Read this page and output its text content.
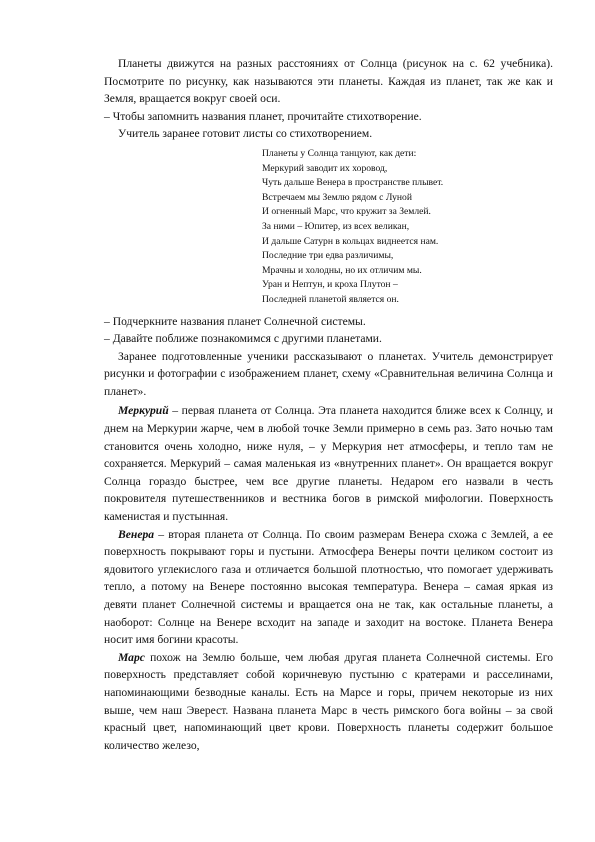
Планеты движутся на разных расстояниях от Солнца (рисунок на с. 62 учебника). Посмотрите по рисунку, как называются эти планеты. Каждая из планет, так же как и Земля, вращается вокруг своей оси.

– Чтобы запомнить названия планет, прочитайте стихотворение.

Учитель заранее готовит листы со стихотворением.

Планеты у Солнца танцуют, как дети:
Меркурий заводит их хоровод,
Чуть дальше Венера в пространстве плывет.
Встречаем мы Землю рядом с Луной
И огненный Марс, что кружит за Землей.
За ними – Юпитер, из всех великан,
И дальше Сатурн в кольцах виднеется нам.
Последние три едва различимы,
Мрачны и холодны, но их отличим мы.
Уран и Нептун, и кроха Плутон –
Последней планетой является он.

– Подчеркните названия планет Солнечной системы.

– Давайте поближе познакомимся с другими планетами.

Заранее подготовленные ученики рассказывают о планетах. Учитель демонстрирует рисунки и фотографии с изображением планет, схему «Сравнительная величина Солнца и планет».

Меркурий – первая планета от Солнца. Эта планета находится ближе всех к Солнцу, и днем на Меркурии жарче, чем в любой точке Земли примерно в семь раз. Зато ночью там становится очень холодно, ниже нуля, – у Меркурия нет атмосферы, и тепло там не сохраняется. Меркурий – самая маленькая из «внутренних планет». Он вращается вокруг Солнца гораздо быстрее, чем все другие планеты. Недаром его назвали в честь покровителя путешественников и вестника богов в римской мифологии. Поверхность каменистая и пустынная.

Венера – вторая планета от Солнца. По своим размерам Венера схожа с Землей, а ее поверхность покрывают горы и пустыни. Атмосфера Венеры почти целиком состоит из ядовитого углекислого газа и отличается большой плотностью, что помогает удерживать тепло, а потому на Венере постоянно высокая температура. Венера – самая яркая из девяти планет Солнечной системы и вращается она не так, как остальные планеты, а наоборот: Солнце на Венере всходит на западе и заходит на востоке. Планета Венера носит имя богини красоты.

Марс похож на Землю больше, чем любая другая планета Солнечной системы. Его поверхность представляет собой коричневую пустыню с кратерами и расселинами, напоминающими безводные каналы. Есть на Марсе и горы, причем некоторые из них выше, чем наш Эверест. Названа планета Марс в честь римского бога войны – за свой красный цвет, напоминающий цвет крови. Поверхность планеты содержит большое количество железо,
